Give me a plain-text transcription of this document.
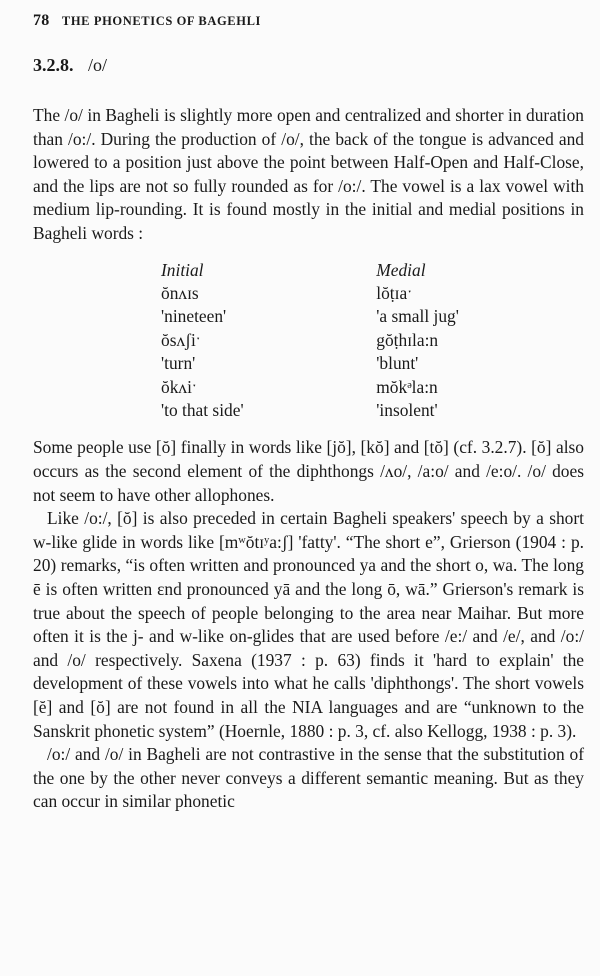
78 THE PHONETICS OF BAGEHLI
3.2.8. /o/

The /o/ in Bagheli is slightly more open and centralized and shorter in duration than /o:/. During the production of /o/, the back of the tongue is advanced and lowered to a position just above the point between Half-Open and Half-Close, and the lips are not so fully rounded as for /o:/. The vowel is a lax vowel with medium lip-rounding. It is found mostly in the initial and medial positions in Bagheli words :

Initial	Medial
ŏnʌɪs	lŏṭɪaˑ
'nineteen'	'a small jug'
ŏsʌʃiˑ	gŏṭhɪla:n
'turn'	'blunt'
ŏkʌiˑ	mŏkᵊla:n
'to that side'	'insolent'

Some people use [ŏ] finally in words like [jŏ], [kŏ] and [tŏ] (cf. 3.2.7). [ŏ] also occurs as the second element of the diphthongs /ʌo/, /a:o/ and /e:o/. /o/ does not seem to have other allophones.

Like /o:/, [ŏ] is also preceded in certain Bagheli speakers' speech by a short w-like glide in words like [mʷŏtɪʸa:ʃ] 'fatty'. “The short e”, Grierson (1904 : p. 20) remarks, “is often written and pronounced ya and the short o, wa. The long ē is often written ɛnd pronounced yā and the long ō, wā.” Grierson's remark is true about the speech of people belonging to the area near Maihar. But more often it is the j- and w-like on-glides that are used before /e:/ and /e/, and /o:/ and /o/ respectively. Saxena (1937 : p. 63) finds it 'hard to explain' the development of these vowels into what he calls 'diphthongs'. The short vowels [ĕ] and [ŏ] are not found in all the NIA languages and are “unknown to the Sanskrit phonetic system” (Hoernle, 1880 : p. 3, cf. also Kellogg, 1938 : p. 3).

/o:/ and /o/ in Bagheli are not contrastive in the sense that the substitution of the one by the other never conveys a different semantic meaning. But as they can occur in similar phonetic
